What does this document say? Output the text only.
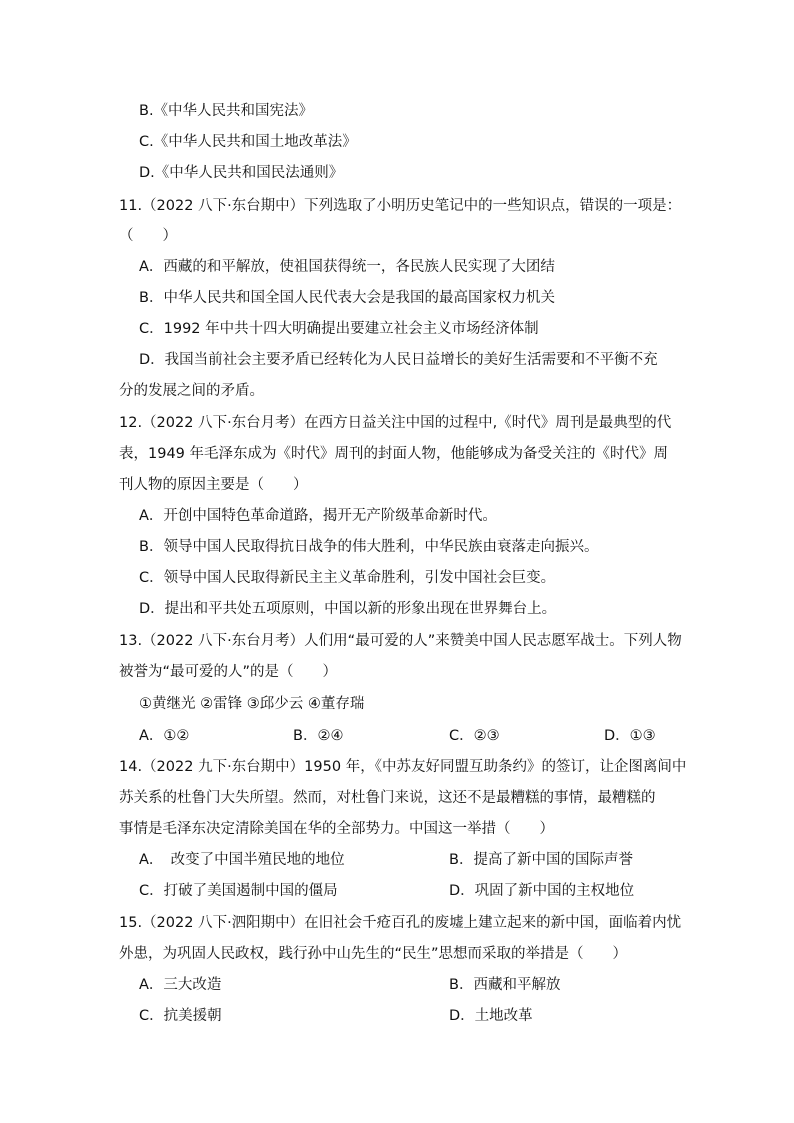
B.《中华人民共和国宪法》
C.《中华人民共和国土地改革法》
D.《中华人民共和国民法通则》
11.（2022 八下·东台期中）下列选取了小明历史笔记中的一些知识点，错误的一项是：
（　　）
A．西藏的和平解放，使祖国获得统一，各民族人民实现了大团结
B．中华人民共和国全国人民代表大会是我国的最高国家权力机关
C．1992 年中共十四大明确提出要建立社会主义市场经济体制
D．我国当前社会主要矛盾已经转化为人民日益增长的美好生活需要和不平衡不充
分的发展之间的矛盾。
12.（2022 八下·东台月考）在西方日益关注中国的过程中,《时代》周刊是最典型的代
表，1949 年毛泽东成为《时代》周刊的封面人物，他能够成为备受关注的《时代》周
刊人物的原因主要是（　　）
A．开创中国特色革命道路，揭开无产阶级革命新时代。
B．领导中国人民取得抗日战争的伟大胜利，中华民族由衰落走向振兴。
C．领导中国人民取得新民主主义革命胜利，引发中国社会巨变。
D．提出和平共处五项原则，中国以新的形象出现在世界舞台上。
13.（2022 八下·东台月考）人们用“最可爱的人”来赞美中国人民志愿军战士。下列人物
被誉为“最可爱的人”的是（　　）
①黄继光 ②雷锋 ③邱少云 ④董存瑞
A．①②	B．②④	C．②③	D．①③
14.（2022 九下·东台期中）1950 年，《中苏友好同盟互助条约》的签订，让企图离间中
苏关系的杜鲁门大失所望。然而，对杜鲁门来说，这还不是最糟糕的事情，最糟糕的
事情是毛泽东决定清除美国在华的全部势力。中国这一举措（　　）
A．　改变了中国半殖民地的地位	B．提高了新中国的国际声誉
C．打破了美国遏制中国的僵局	D．巩固了新中国的主权地位
15.（2022 八下·泗阳期中）在旧社会千疮百孔的废墟上建立起来的新中国，面临着内忧
外患，为巩固人民政权，践行孙中山先生的“民生”思想而采取的举措是（　　）
A．三大改造	B．西藏和平解放
C．抗美援朝	D．土地改革
